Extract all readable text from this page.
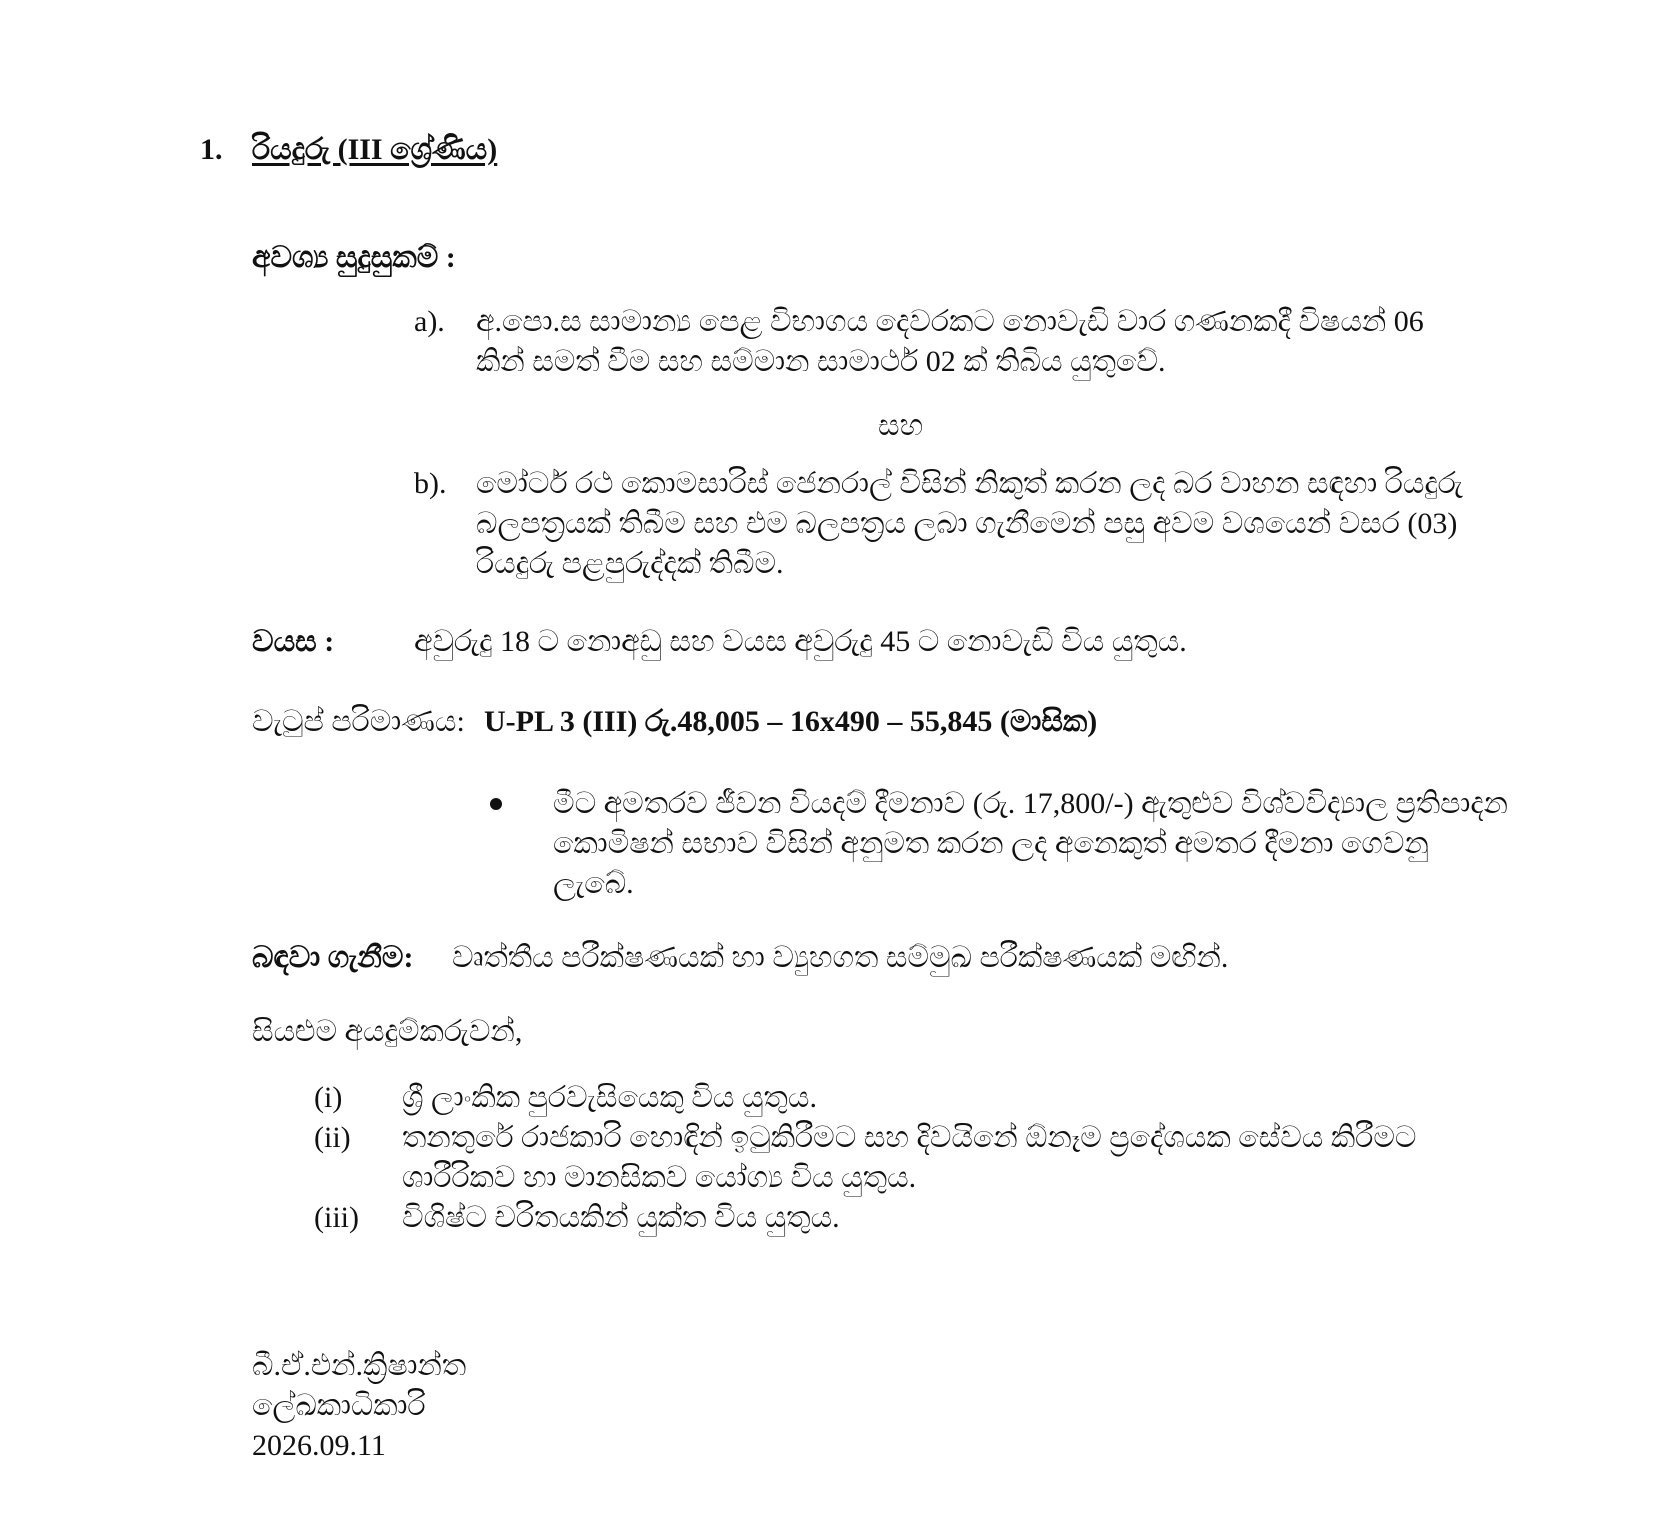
1. රියදුරු (III ශ්‍රේණිය)
අවශ්‍ය සුදුසුකම් :
a). අ.පො.ස සාමාන්‍ය පෙළ විභාගය දෙවරකට නොවැඩි වාර ගණනකදී විෂයන් 06
කින් සමත් වීම සහ සම්මාන සාමාර්ථ 02 ක් තිබිය යුතුවේ.
සහ
b). මෝටර් රථ කොමසාරිස් ජෙනරාල් විසින් නිකුත් කරන ලද බර වාහන සඳහා රියදුරු
බලපත්‍රයක් තිබීම සහ එම බලපත්‍රය ලබා ගැනීමෙන් පසු අවම වශයෙන් වසර (03)
රියදුරු පළපුරුද්දක් තිබීම.
වයස :	අවුරුදු 18 ට නොඅඩු සහ වයස අවුරුදු 45 ට නොවැඩි විය යුතුය.
වැටුප් පරිමාණය: U-PL 3 (III) රු.48,005 – 16x490 – 55,845 (මාසික)
මීට අමතරව ජීවන වියදම් දීමනාව (රු. 17,800/-) ඇතුළුව විශ්වවිද්‍යාල ප්‍රතිපාදන
කොමිෂන් සභාව විසින් අනුමත කරන ලද අනෙකුත් අමතර දීමනා ගෙවනු
ලැබේ.
බඳවා ගැනීම: වෘත්තීය පරීක්ෂණයක් හා ව්‍යුහගත සම්මුඛ පරීක්ෂණයක් මඟින්.
සියළුම අයදුම්කරුවන්,
(i) ශ්‍රී ලාංකික පුරවැසියෙකු විය යුතුය.
(ii) තනතුරේ රාජකාරි හොඳින් ඉටුකිරීමට සහ දිවයිනේ ඕනෑම ප්‍රදේශයක සේවය කිරීමට
ශාරීරිකව හා මානසිකව යෝග්‍ය විය යුතුය.
(iii) විශිෂ්ට චරිතයකින් යුක්ත විය යුතුය.
බී.ඒ.එන්.ක්‍රිෂාන්ත
ලේඛකාධිකාරි
2026.09.11
